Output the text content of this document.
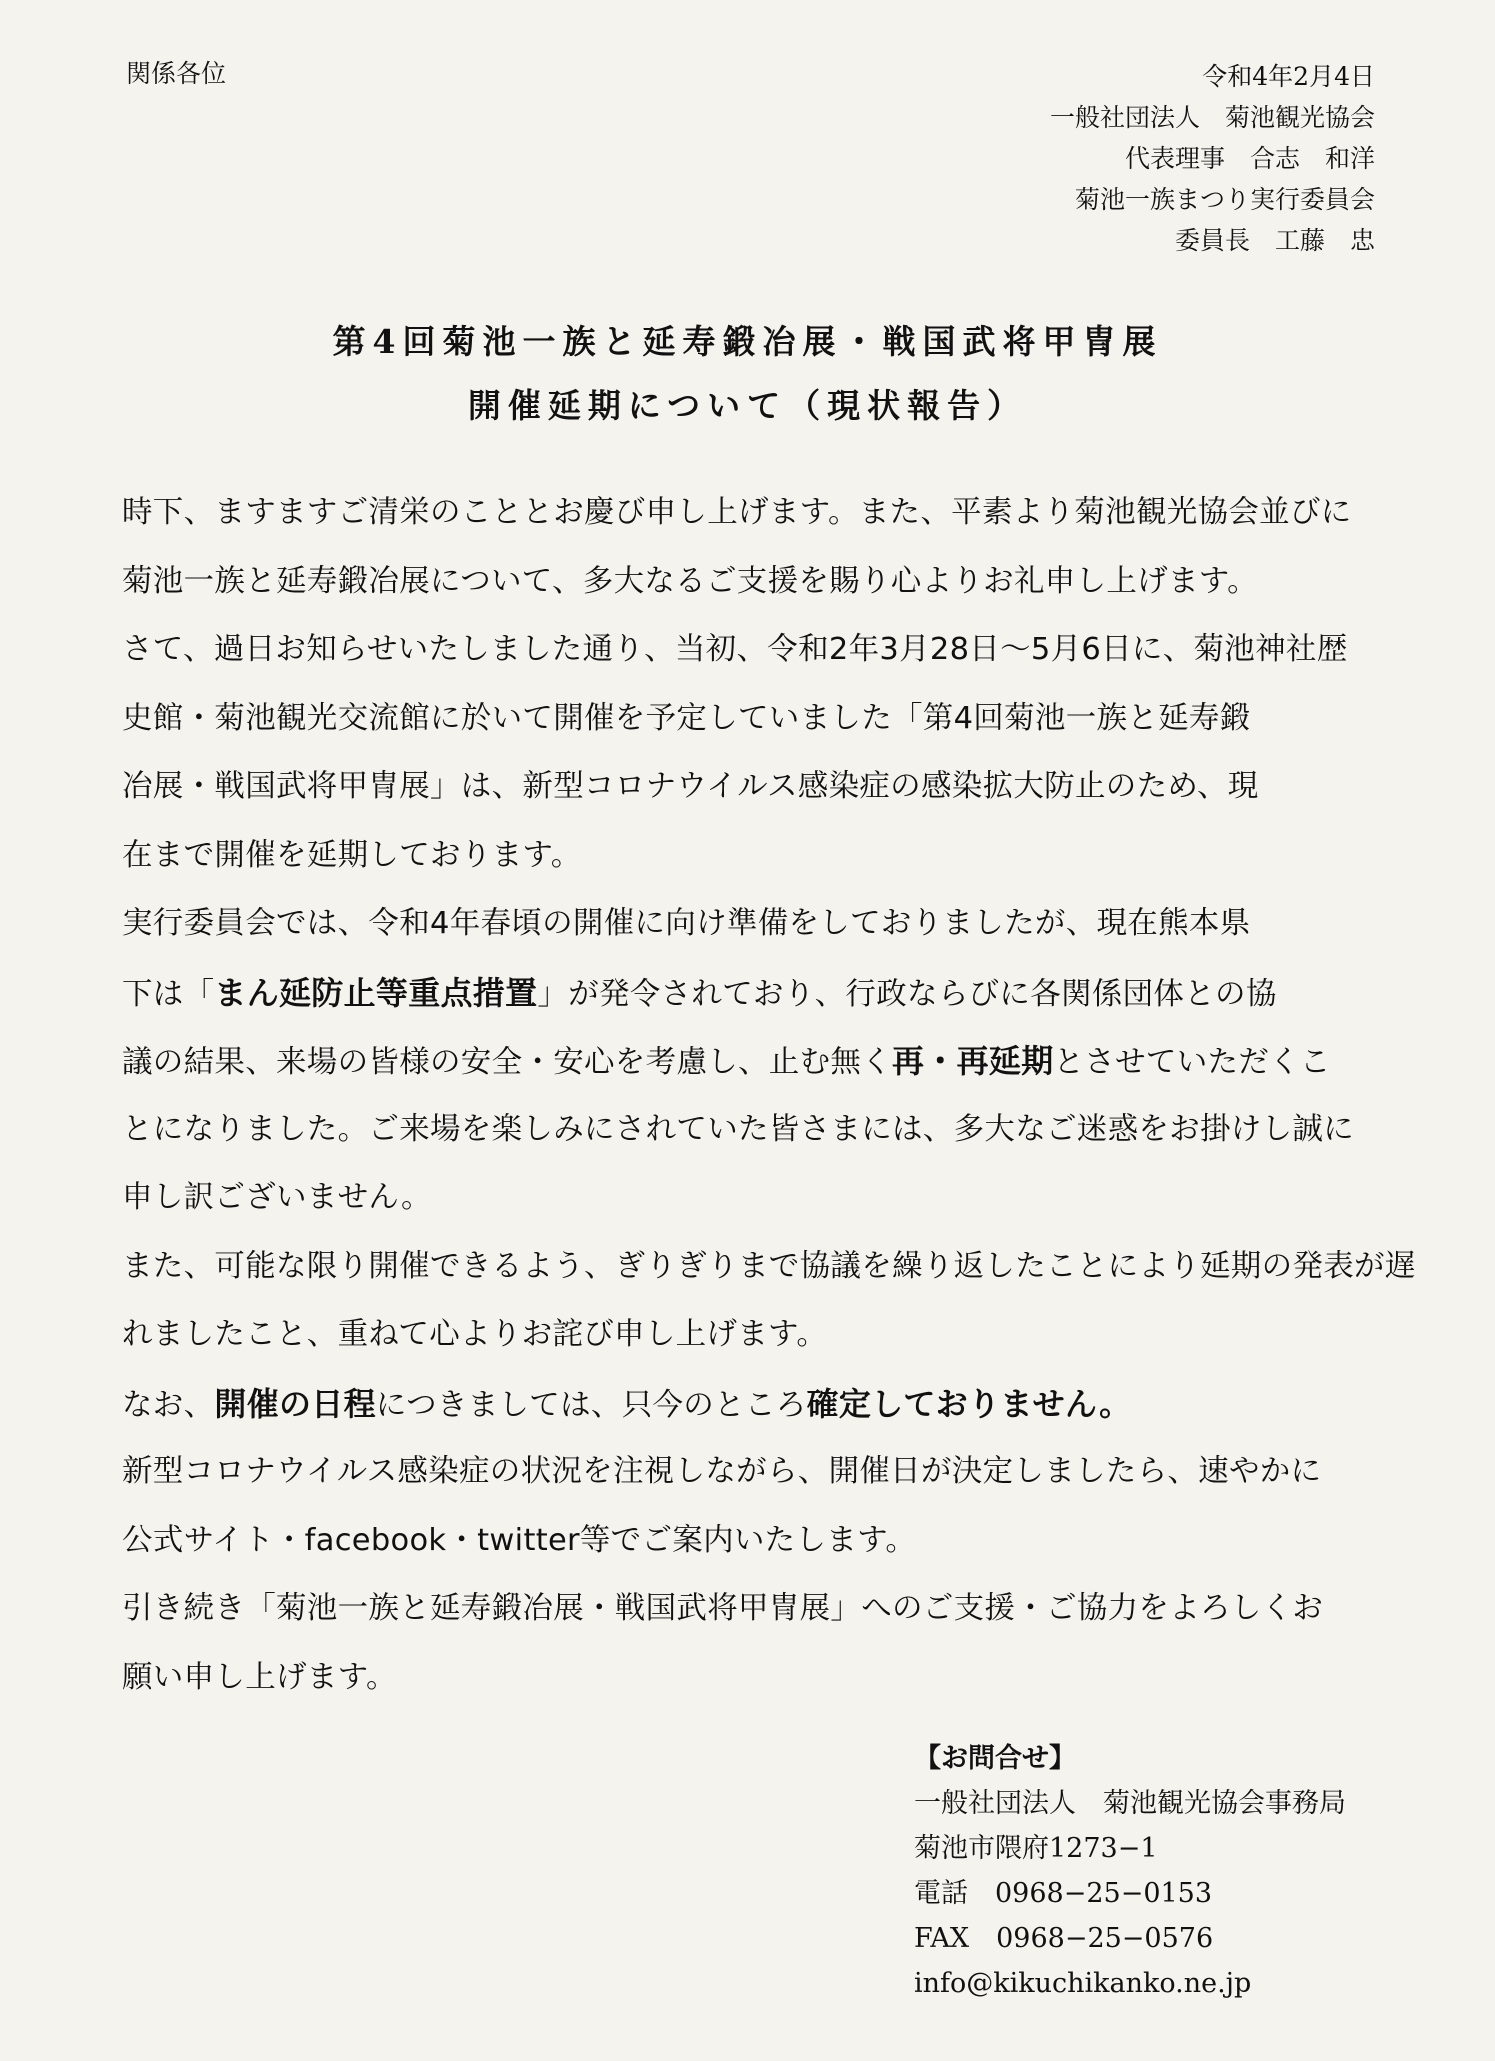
関係各位	令和4年2月4日
一般社団法人　菊池観光協会
代表理事　合志　和洋
菊池一族まつり実行委員会
委員長　工藤　忠
第4回菊池一族と延寿鍛冶展・戦国武将甲冑展
開催延期について（現状報告）
時下、ますますご清栄のこととお慶び申し上げます。また、平素より菊池観光協会並びに
菊池一族と延寿鍛冶展について、多大なるご支援を賜り心よりお礼申し上げます。
さて、過日お知らせいたしました通り、当初、令和2年3月28日～5月6日に、菊池神社歴
史館・菊池観光交流館に於いて開催を予定していました「第4回菊池一族と延寿鍛
冶展・戦国武将甲冑展」は、新型コロナウイルス感染症の感染拡大防止のため、現
在まで開催を延期しております。
実行委員会では、令和4年春頃の開催に向け準備をしておりましたが、現在熊本県
下は「まん延防止等重点措置」が発令されており、行政ならびに各関係団体との協
議の結果、来場の皆様の安全・安心を考慮し、止む無く再・再延期とさせていただくこ
とになりました。ご来場を楽しみにされていた皆さまには、多大なご迷惑をお掛けし誠に
申し訳ございません。
また、可能な限り開催できるよう、ぎりぎりまで協議を繰り返したことにより延期の発表が遅
れましたこと、重ねて心よりお詫び申し上げます。
なお、開催の日程につきましては、只今のところ確定しておりません。
新型コロナウイルス感染症の状況を注視しながら、開催日が決定しましたら、速やかに
公式サイト・facebook・twitter等でご案内いたします。
引き続き「菊池一族と延寿鍛冶展・戦国武将甲冑展」へのご支援・ご協力をよろしくお
願い申し上げます。
【お問合せ】
一般社団法人　菊池観光協会事務局
菊池市隈府1273−1
電話　0968−25−0153
FAX　0968−25−0576
info@kikuchikanko.ne.jp
